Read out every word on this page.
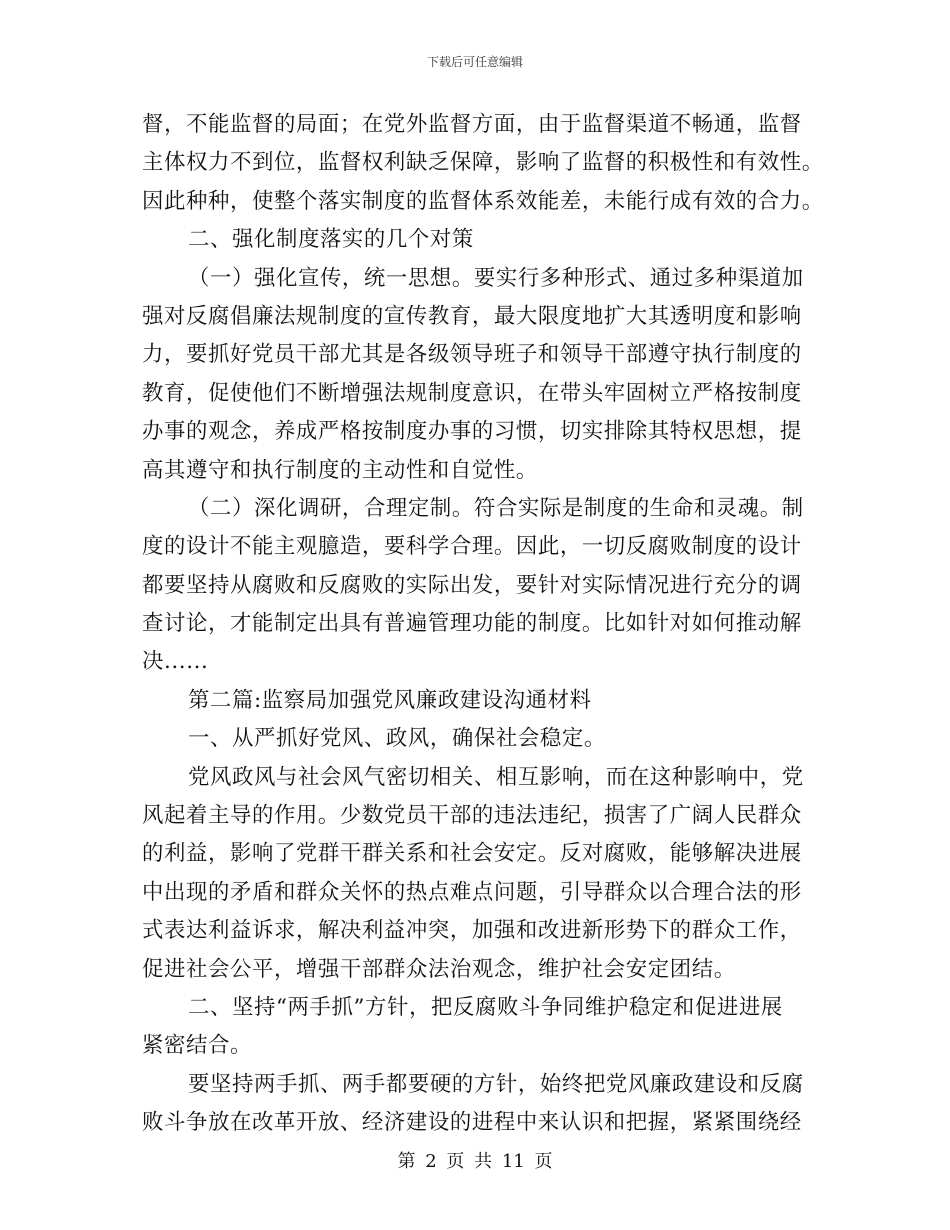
下载后可任意编辑
督，不能监督的局面；在党外监督方面，由于监督渠道不畅通，监督
主体权力不到位，监督权利缺乏保障，影响了监督的积极性和有效性。
因此种种，使整个落实制度的监督体系效能差，未能行成有效的合力。
二、强化制度落实的几个对策
（一）强化宣传，统一思想。要实行多种形式、通过多种渠道加
强对反腐倡廉法规制度的宣传教育，最大限度地扩大其透明度和影响
力，要抓好党员干部尤其是各级领导班子和领导干部遵守执行制度的
教育，促使他们不断增强法规制度意识，在带头牢固树立严格按制度
办事的观念，养成严格按制度办事的习惯，切实排除其特权思想，提
高其遵守和执行制度的主动性和自觉性。
（二）深化调研，合理定制。符合实际是制度的生命和灵魂。制
度的设计不能主观臆造，要科学合理。因此，一切反腐败制度的设计
都要坚持从腐败和反腐败的实际出发，要针对实际情况进行充分的调
查讨论，才能制定出具有普遍管理功能的制度。比如针对如何推动解
决......
第二篇:监察局加强党风廉政建设沟通材料
一、从严抓好党风、政风，确保社会稳定。
党风政风与社会风气密切相关、相互影响，而在这种影响中，党
风起着主导的作用。少数党员干部的违法违纪，损害了广阔人民群众
的利益，影响了党群干群关系和社会安定。反对腐败，能够解决进展
中出现的矛盾和群众关怀的热点难点问题，引导群众以合理合法的形
式表达利益诉求，解决利益冲突，加强和改进新形势下的群众工作，
促进社会公平，增强干部群众法治观念，维护社会安定团结。
二、坚持“两手抓”方针，把反腐败斗争同维护稳定和促进进展
紧密结合。
要坚持两手抓、两手都要硬的方针，始终把党风廉政建设和反腐
败斗争放在改革开放、经济建设的进程中来认识和把握，紧紧围绕经
第 2 页 共 11 页
